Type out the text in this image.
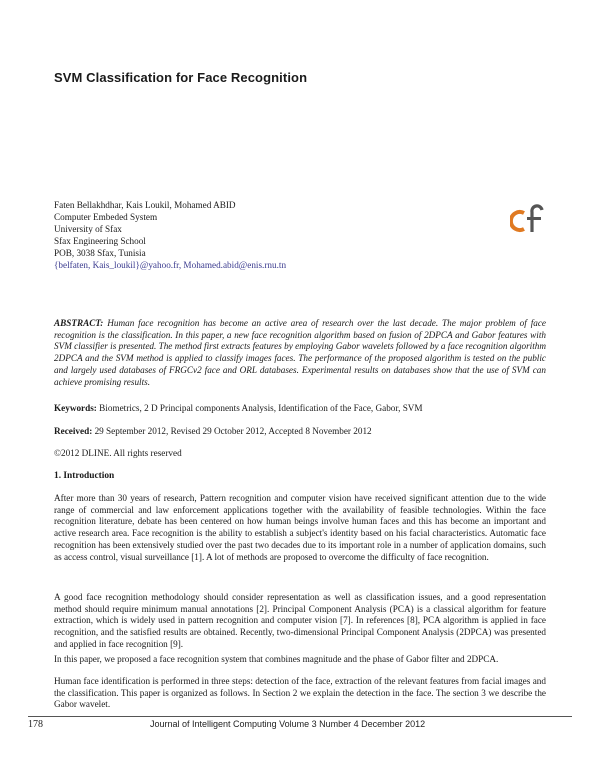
SVM Classification for Face Recognition
Faten Bellakhdhar, Kais Loukil, Mohamed ABID
Computer Embeded System
University of Sfax
Sfax Engineering School
POB, 3038 Sfax, Tunisia
{belfaten, Kais_loukil}@yahoo.fr, Mohamed.abid@enis.rnu.tn
ABSTRACT: Human face recognition has become an active area of research over the last decade. The major problem of face recognition is the classification. In this paper, a new face recognition algorithm based on fusion of 2DPCA and Gabor features with SVM classifier is presented. The method first extracts features by employing Gabor wavelets followed by a face recognition algorithm 2DPCA and the SVM method is applied to classify images faces. The performance of the proposed algorithm is tested on the public and largely used databases of FRGCv2 face and ORL databases. Experimental results on databases show that the use of SVM can achieve promising results.
Keywords: Biometrics, 2 D Principal components Analysis, Identification of the Face, Gabor, SVM
Received: 29 September 2012, Revised 29 October 2012, Accepted 8 November 2012
©2012 DLINE. All rights reserved
1. Introduction
After more than 30 years of research, Pattern recognition and computer vision have received significant attention due to the wide range of commercial and law enforcement applications together with the availability of feasible technologies. Within the face recognition literature, debate has been centered on how human beings involve human faces and this has become an important and active research area. Face recognition is the ability to establish a subject's identity based on his facial characteristics. Automatic face recognition has been extensively studied over the past two decades due to its important role in a number of application domains, such as access control, visual surveillance [1]. A lot of methods are proposed to overcome the difficulty of face recognition.
A good face recognition methodology should consider representation as well as classification issues, and a good representation method should require minimum manual annotations [2]. Principal Component Analysis (PCA) is a classical algorithm for feature extraction, which is widely used in pattern recognition and computer vision [7]. In references [8], PCA algorithm is applied in face recognition, and the satisfied results are obtained. Recently, two-dimensional Principal Component Analysis (2DPCA) was presented and applied in face recognition [9].
In this paper, we proposed a face recognition system that combines magnitude and the phase of Gabor filter and 2DPCA.
Human face identification is performed in three steps: detection of the face, extraction of the relevant features from facial images and the classification. This paper is organized as follows. In Section 2 we explain the detection in the face. The section 3 we describe the Gabor wavelet.
178	Journal of Intelligent Computing Volume 3 Number 4 December 2012
